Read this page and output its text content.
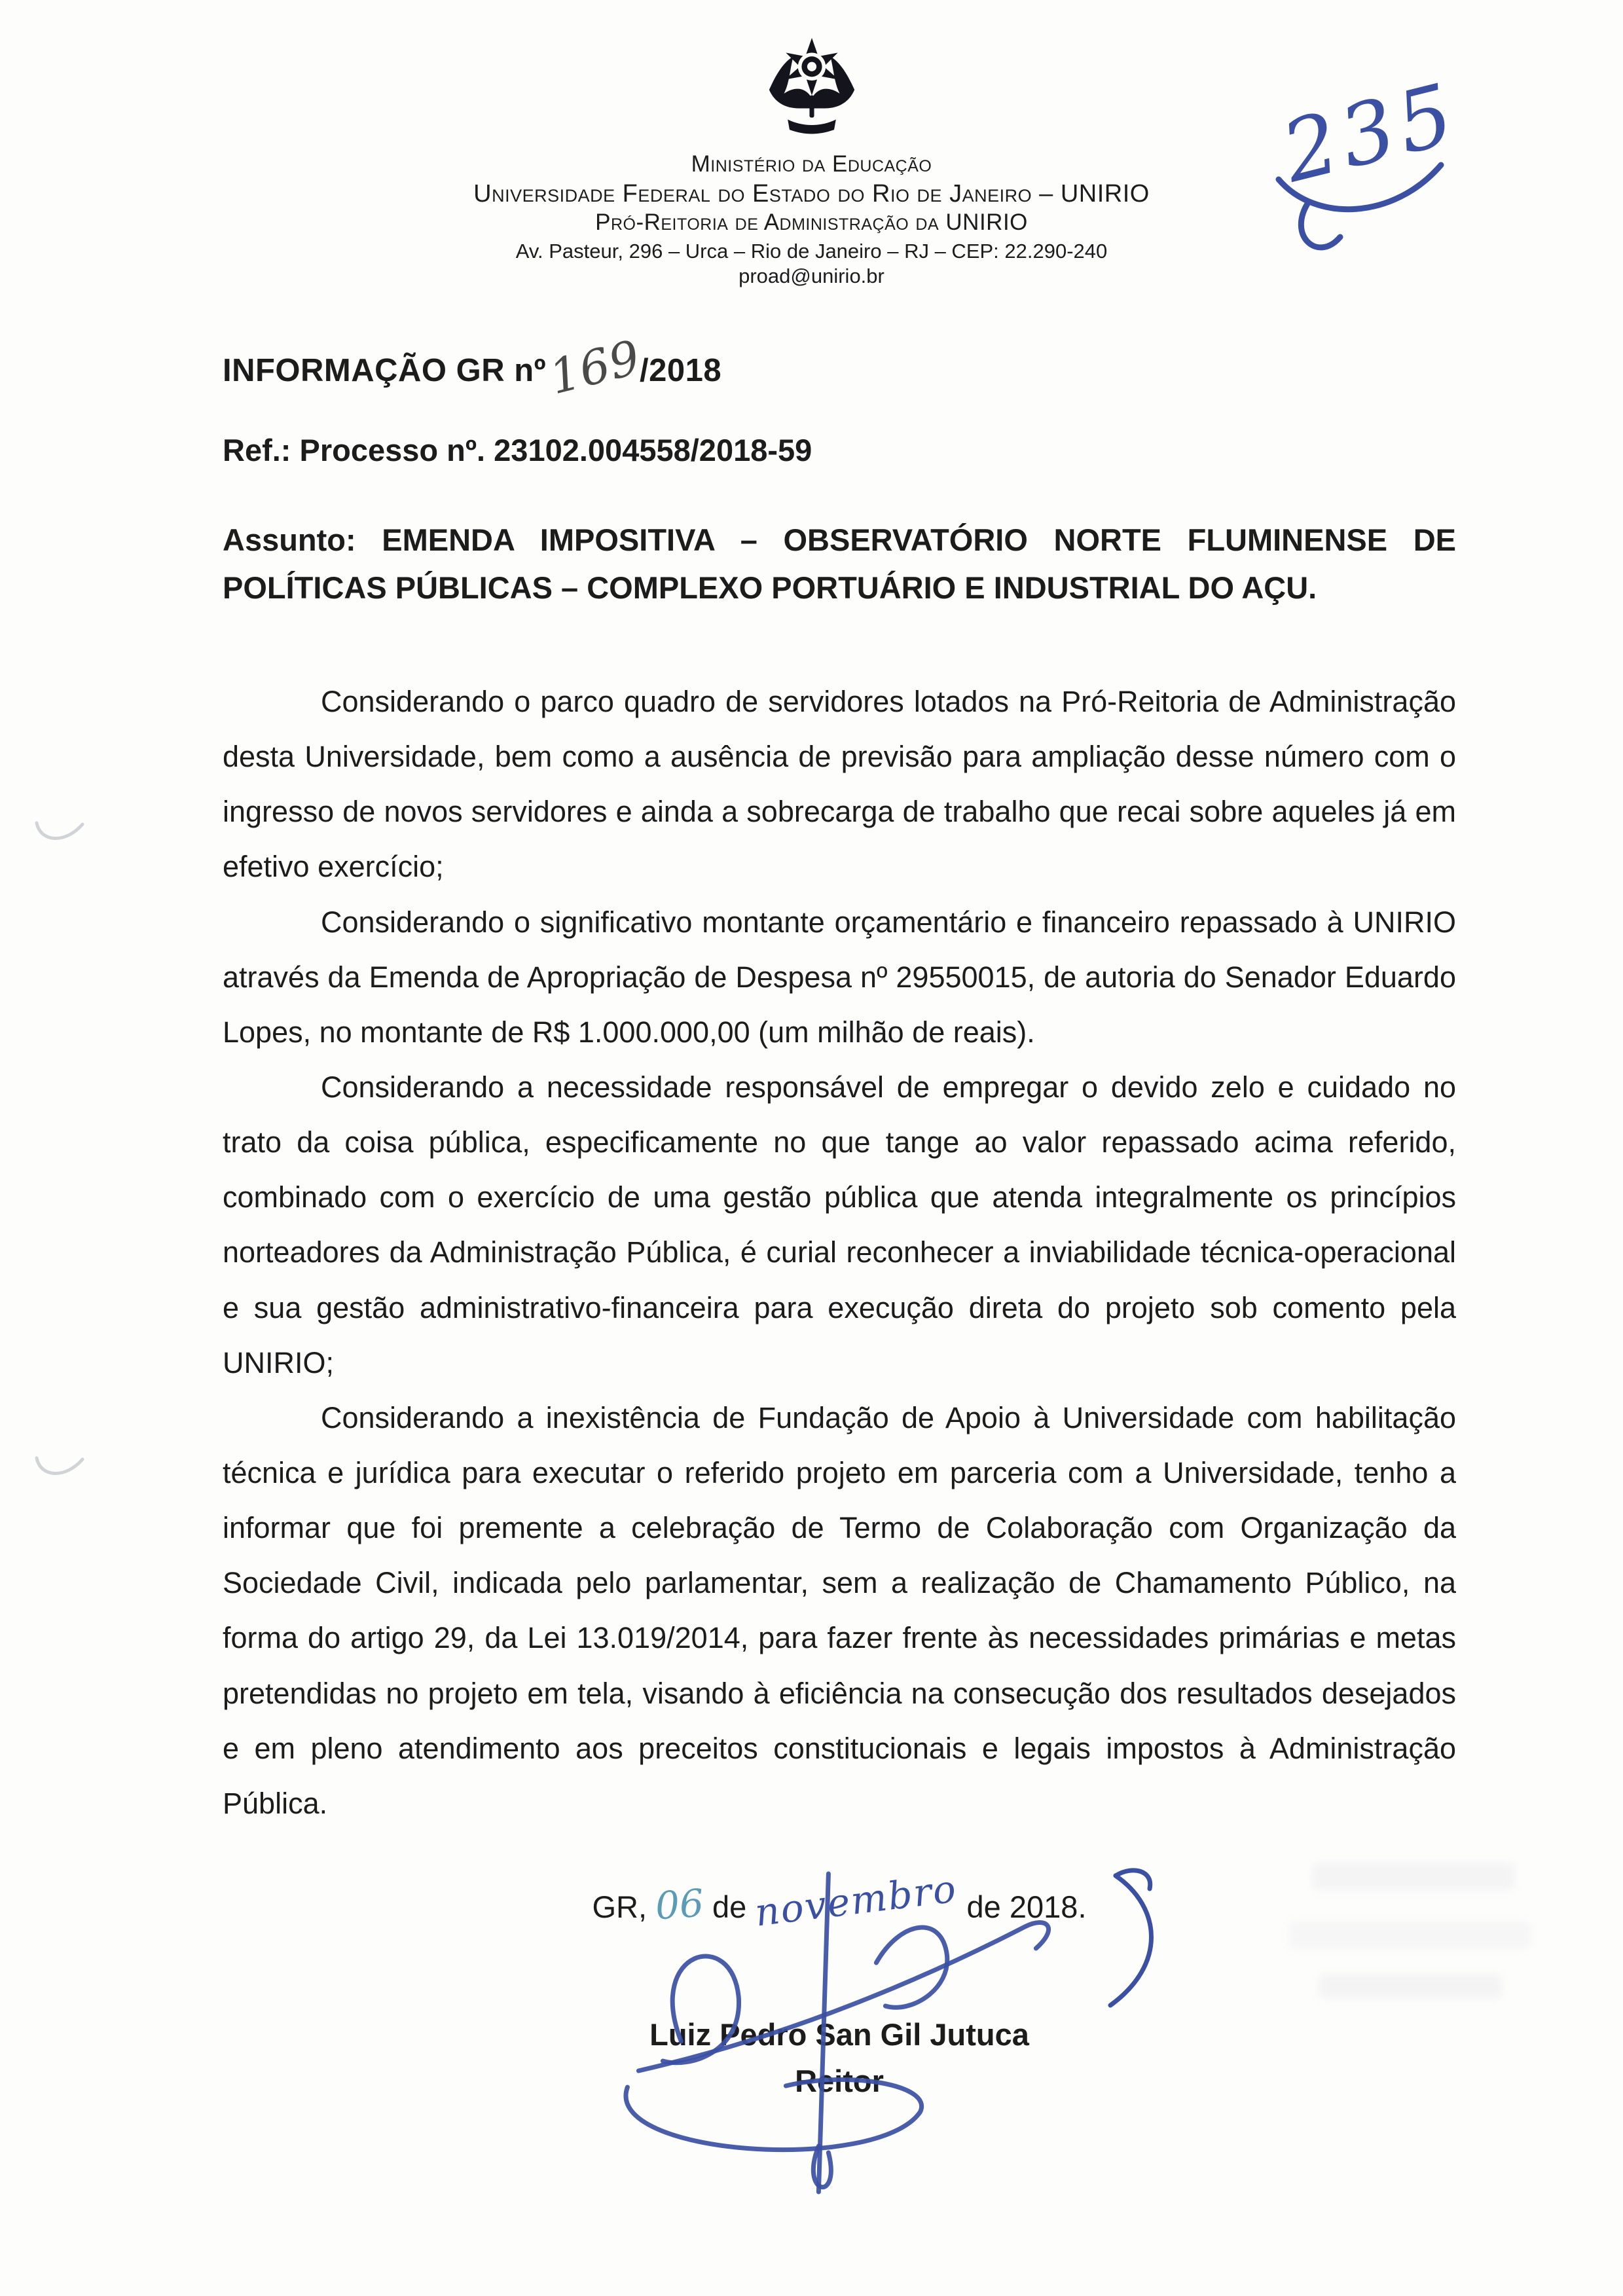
235
Ministério da Educação
Universidade Federal do Estado do Rio de Janeiro – UNIRIO
Pró-Reitoria de Administração da UNIRIO
Av. Pasteur, 296 – Urca – Rio de Janeiro – RJ – CEP: 22.290-240
proad@unirio.br
INFORMAÇÃO GR nº169/2018

Ref.: Processo nº. 23102.004558/2018-59

Assunto: EMENDA IMPOSITIVA – OBSERVATÓRIO NORTE FLUMINENSE DE POLÍTICAS PÚBLICAS – COMPLEXO PORTUÁRIO E INDUSTRIAL DO AÇU.

Considerando o parco quadro de servidores lotados na Pró-Reitoria de Administração desta Universidade, bem como a ausência de previsão para ampliação desse número com o ingresso de novos servidores e ainda a sobrecarga de trabalho que recai sobre aqueles já em efetivo exercício;

Considerando o significativo montante orçamentário e financeiro repassado à UNIRIO através da Emenda de Apropriação de Despesa nº 29550015, de autoria do Senador Eduardo Lopes, no montante de R$ 1.000.000,00 (um milhão de reais).

Considerando a necessidade responsável de empregar o devido zelo e cuidado no trato da coisa pública, especificamente no que tange ao valor repassado acima referido, combinado com o exercício de uma gestão pública que atenda integralmente os princípios norteadores da Administração Pública, é curial reconhecer a inviabilidade técnica-operacional e sua gestão administrativo-financeira para execução direta do projeto sob comento pela UNIRIO;

Considerando a inexistência de Fundação de Apoio à Universidade com habilitação técnica e jurídica para executar o referido projeto em parceria com a Universidade, tenho a informar que foi premente a celebração de Termo de Colaboração com Organização da Sociedade Civil, indicada pelo parlamentar, sem a realização de Chamamento Público, na forma do artigo 29, da Lei 13.019/2014, para fazer frente às necessidades primárias e metas pretendidas no projeto em tela, visando à eficiência na consecução dos resultados desejados e em pleno atendimento aos preceitos constitucionais e legais impostos à Administração Pública.

GR, 06 de novembro de 2018.
Luiz Pedro San Gil Jutuca
Reitor
